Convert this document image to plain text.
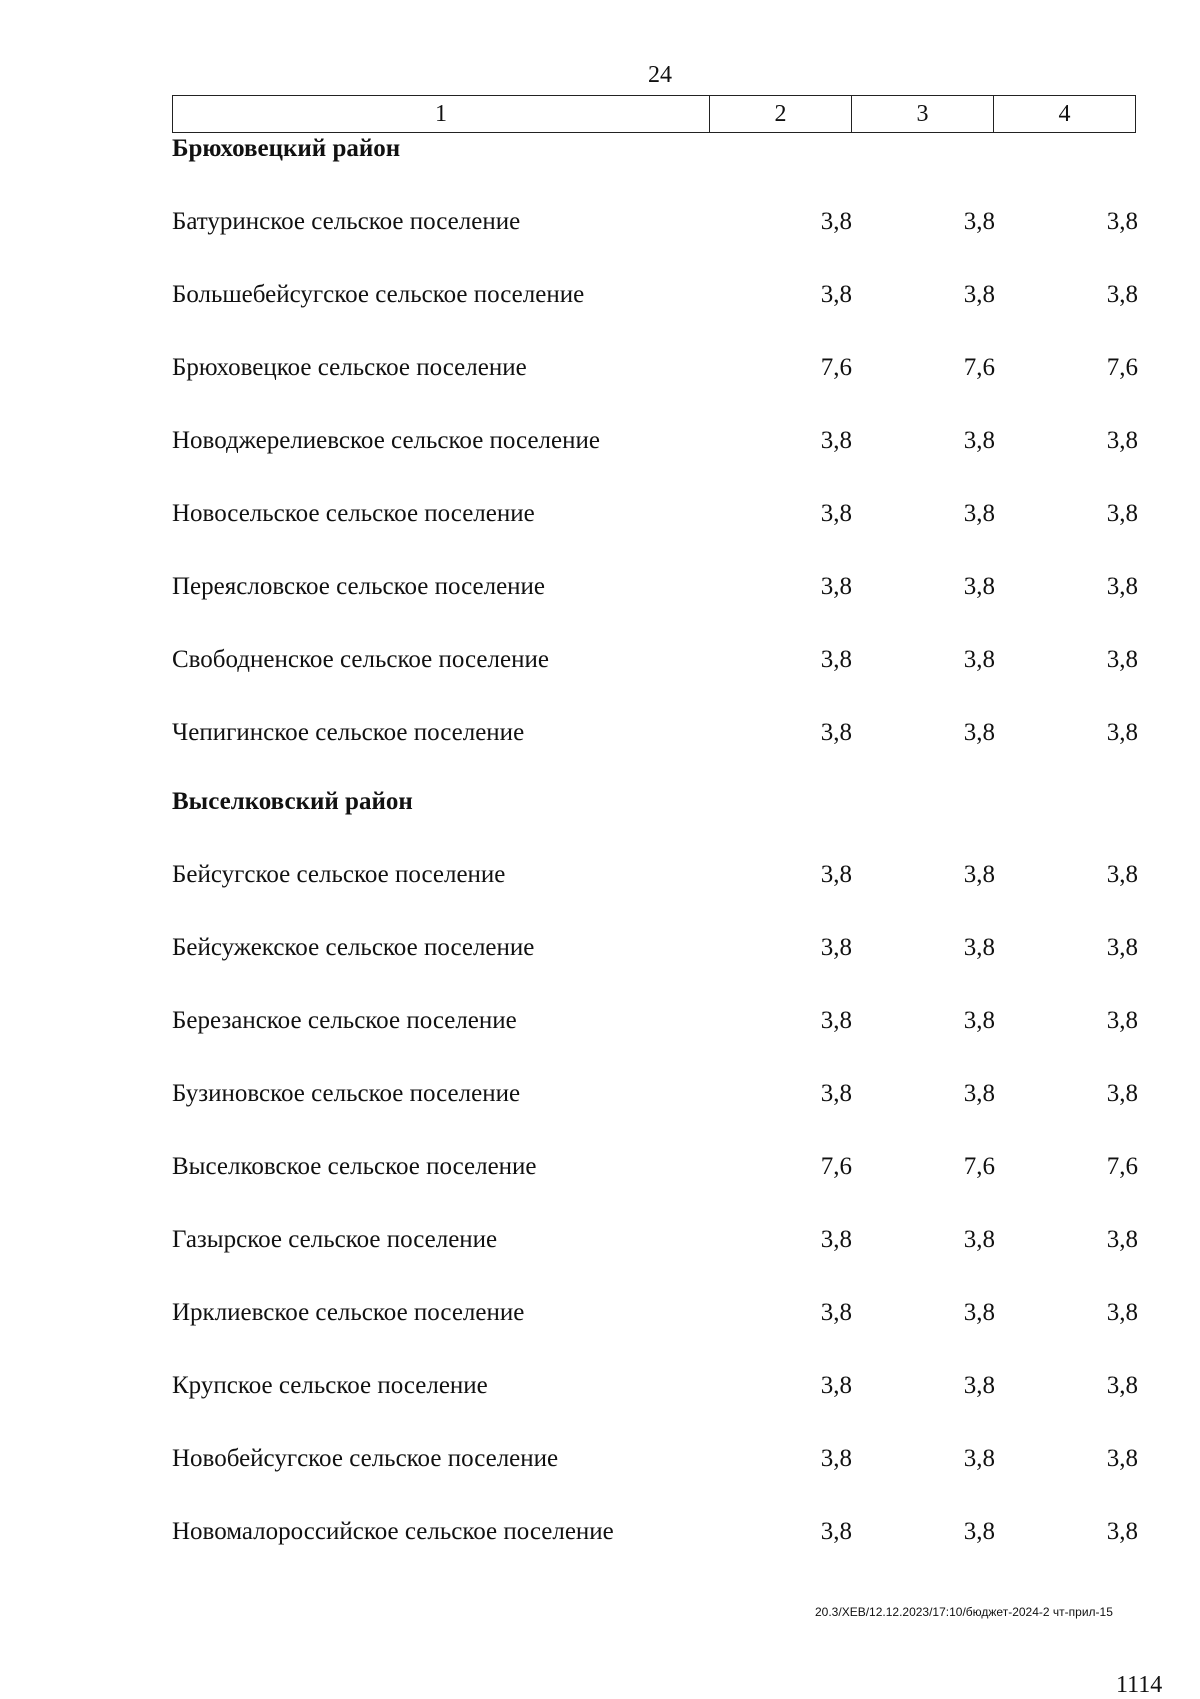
24
1	2	3	4
Брюховецкий район
Батуринское сельское поселение	3,8	3,8	3,8
Большебейсугское сельское поселение	3,8	3,8	3,8
Брюховецкое сельское поселение	7,6	7,6	7,6
Новоджерелиевское сельское поселение	3,8	3,8	3,8
Новосельское сельское поселение	3,8	3,8	3,8
Переясловское сельское поселение	3,8	3,8	3,8
Свободненское сельское поселение	3,8	3,8	3,8
Чепигинское сельское поселение	3,8	3,8	3,8
Выселковский район
Бейсугское сельское поселение	3,8	3,8	3,8
Бейсужекское сельское поселение	3,8	3,8	3,8
Березанское сельское поселение	3,8	3,8	3,8
Бузиновское сельское поселение	3,8	3,8	3,8
Выселковское сельское поселение	7,6	7,6	7,6
Газырское сельское поселение	3,8	3,8	3,8
Ирклиевское сельское поселение	3,8	3,8	3,8
Крупское сельское поселение	3,8	3,8	3,8
Новобейсугское сельское поселение	3,8	3,8	3,8
Новомалороссийское сельское поселение	3,8	3,8	3,8
20.3/ХЕВ/12.12.2023/17:10/бюджет-2024-2 чт-прил-15
1114
